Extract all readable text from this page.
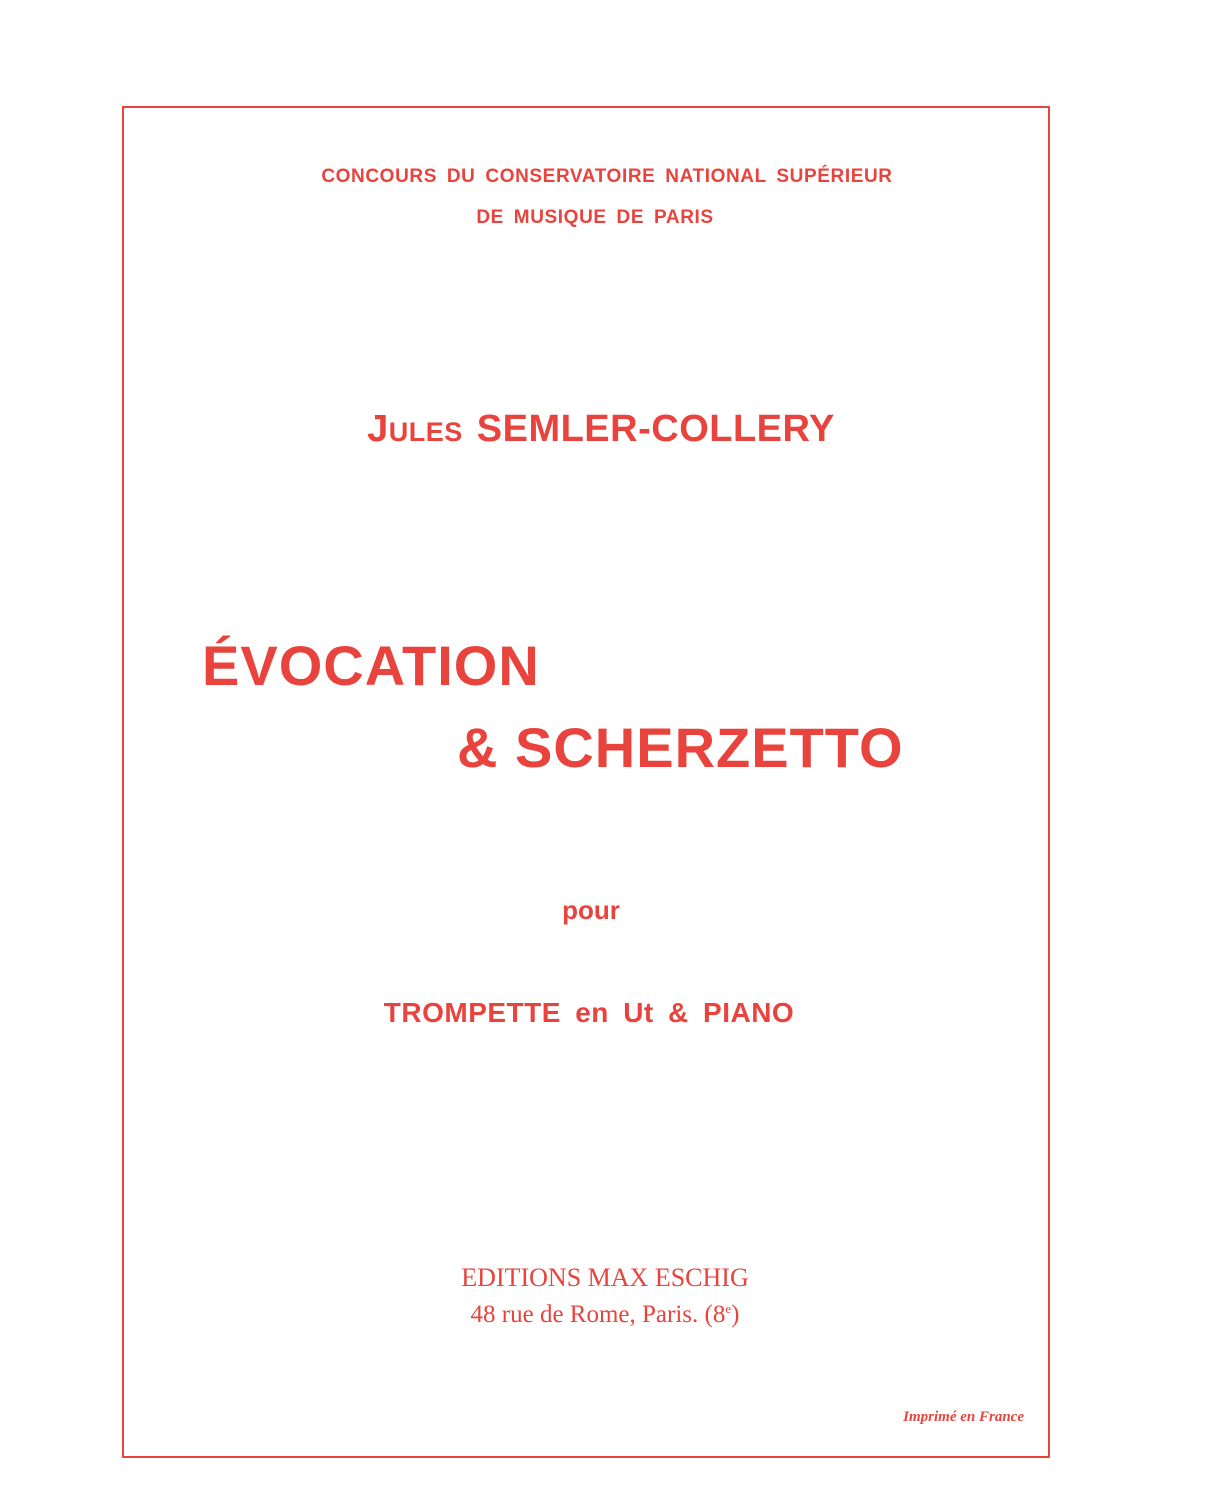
CONCOURS DU CONSERVATOIRE NATIONAL SUPÉRIEUR
DE MUSIQUE DE PARIS
Jules SEMLER-COLLERY
ÉVOCATION
& SCHERZETTO
pour
TROMPETTE en Ut & PIANO
EDITIONS MAX ESCHIG
48 rue de Rome, Paris. (8e)
Imprimé en France
